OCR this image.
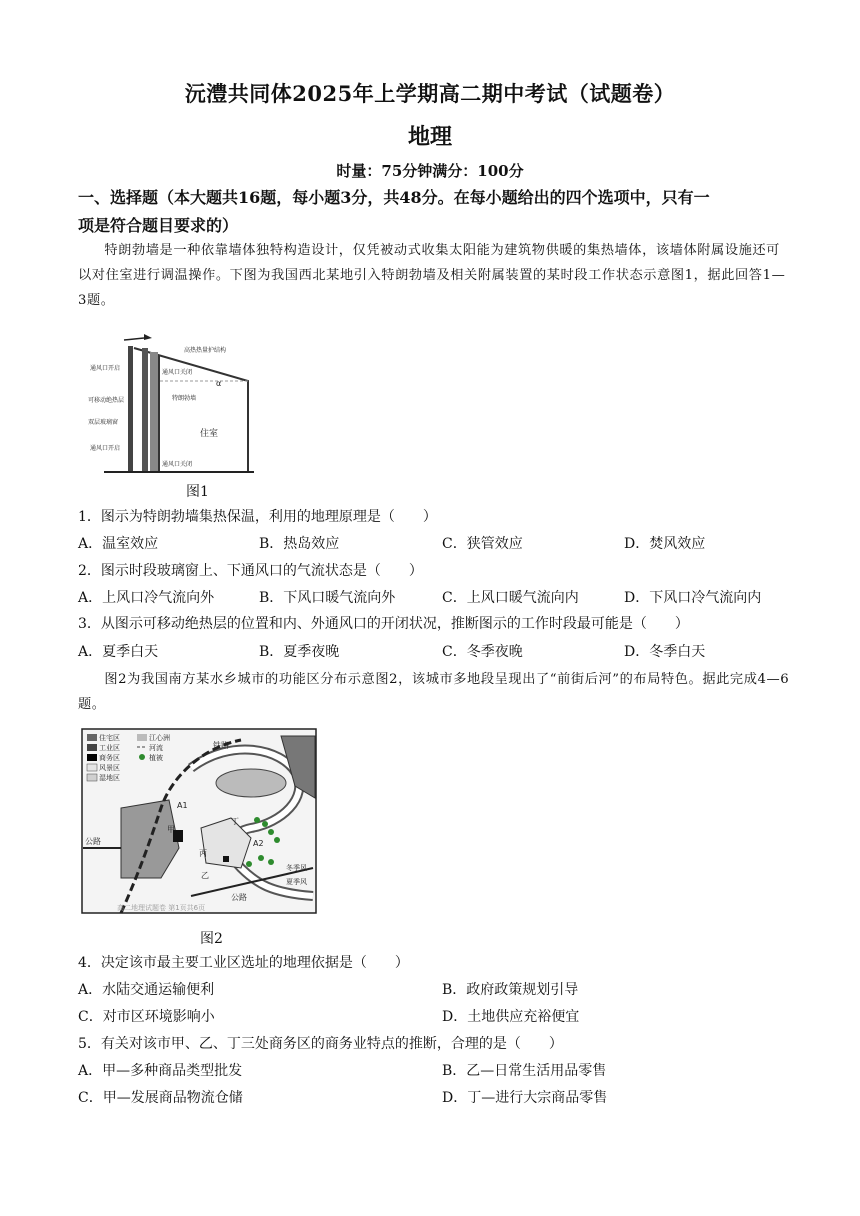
沅澧共同体2025年上学期高二期中考试（试题卷）
地理
时量：75分钟满分：100分
一、选择题（本大题共16题，每小题3分，共48分。在每小题给出的四个选项中，只有一
项是符合题目要求的）
特朗勃墙是一种依靠墙体独特构造设计，仅凭被动式收集太阳能为建筑物供暖的集热墙体，该墙体附属设施还可以对住室进行调温操作。下图为我国西北某地引入特朗勃墙及相关附属装置的某时段工作状态示意图1，据此回答1—3题。
高热热量护结构
通风口开启
通风口关闭
α
可移动绝热层
双层玻璃窗
特朗勃墙
住室
通风口开启
通风口关闭
图1
1．图示为特朗勃墙集热保温，利用的地理原理是（　　）
A．温室效应	B．热岛效应	C．狭管效应	D．焚风效应
2．图示时段玻璃窗上、下通风口的气流状态是（　　）
A．上风口冷气流向外	B．下风口暖气流向外	C．上风口暖气流向内	D．下风口冷气流向内
3．从图示可移动绝热层的位置和内、外通风口的开闭状况，推断图示的工作时段最可能是（　　）
A．夏季白天	B．夏季夜晚	C．冬季夜晚	D．冬季白天
图2为我国南方某水乡城市的功能区分布示意图2，该城市多地段呈现出了“前街后河”的布局特色。据此完成4—6题。
住宅区
工业区
商务区
风景区
湿地区
江心洲
河流
植被
铁路
公路
公路
冬季风
夏季风
A1
A2
甲
乙
丙
丁
高二地理试题卷 第1页共6页
图2
4．决定该市最主要工业区选址的地理依据是（　　）
A．水陆交通运输便利	B．政府政策规划引导
C．对市区环境影响小	D．土地供应充裕便宜
5．有关对该市甲、乙、丁三处商务区的商务业特点的推断，合理的是（　　）
A．甲—多种商品类型批发	B．乙—日常生活用品零售
C．甲—发展商品物流仓储	D．丁—进行大宗商品零售
